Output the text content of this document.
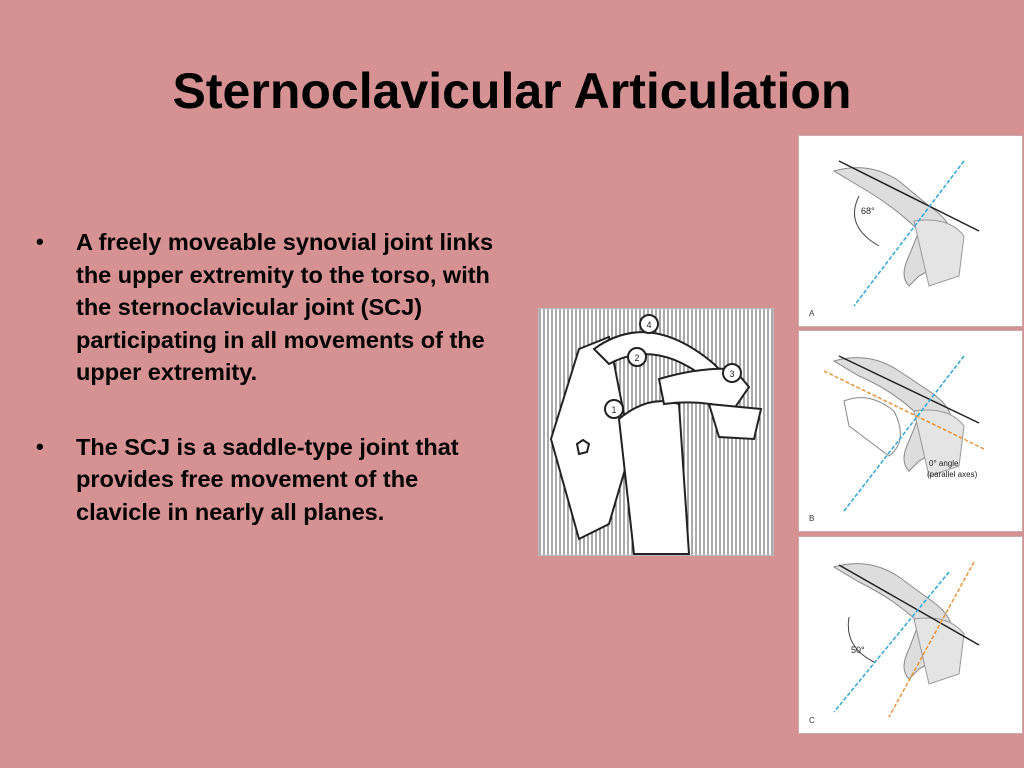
Sternoclavicular Articulation
• A freely moveable synovial joint links the upper extremity to the torso, with the sternoclavicular joint (SCJ) participating in all movements of the upper extremity.
• The SCJ is a saddle-type joint that provides free movement of the clavicle in nearly all planes.
4
2
3
1
68°
A
0° angle
(parallel axes)
B
50°
C
